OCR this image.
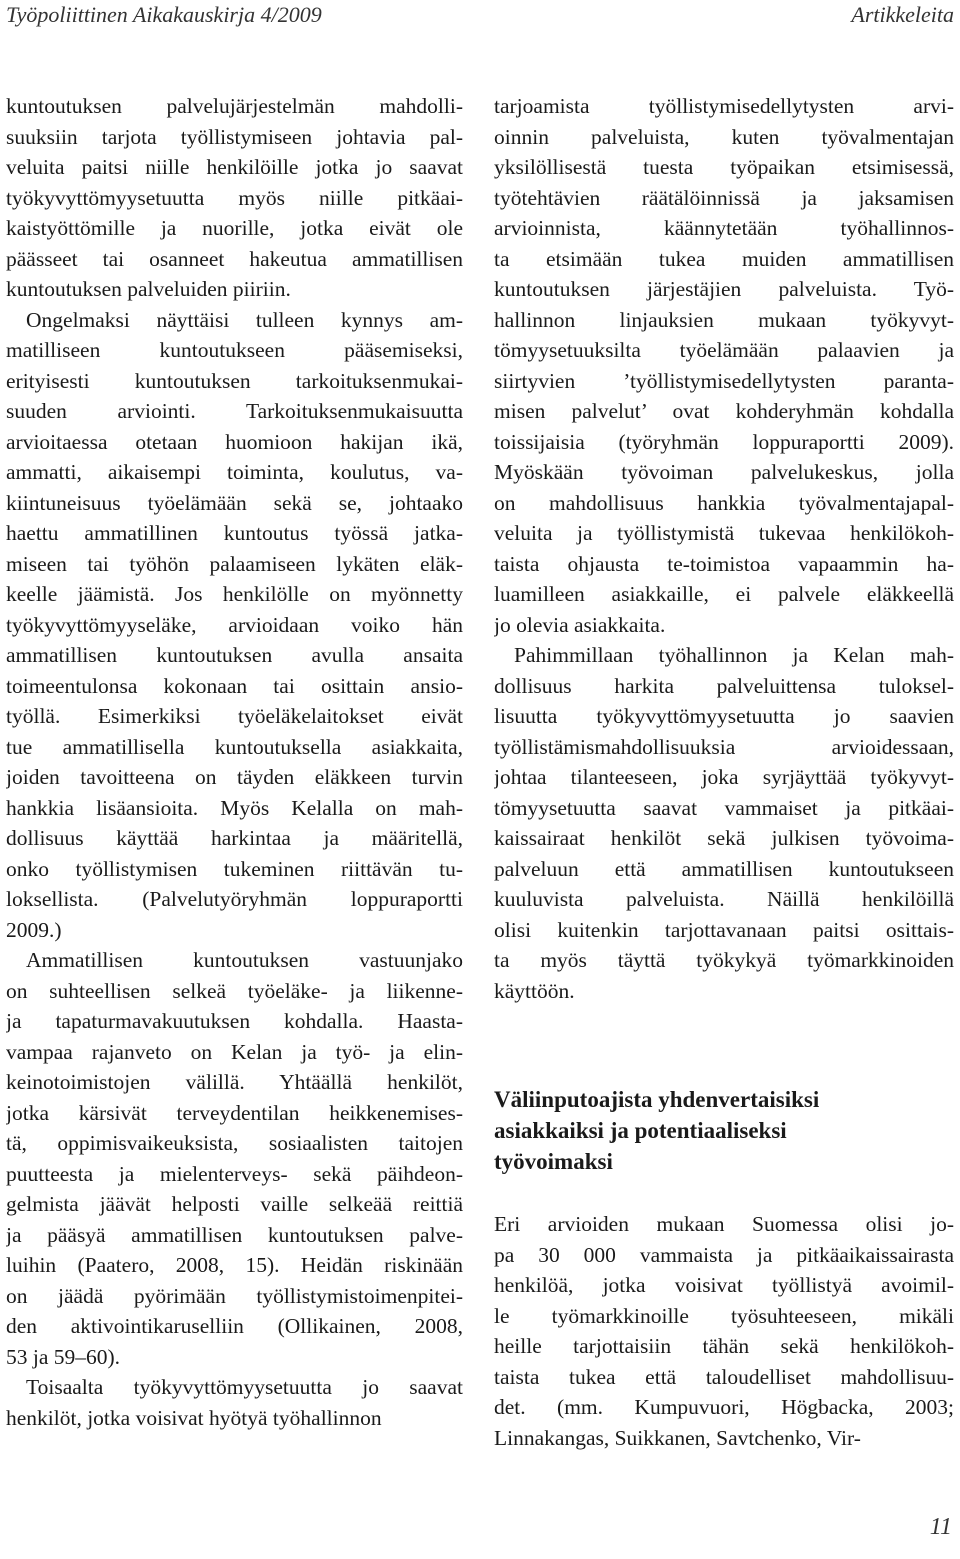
Työpoliittinen Aikakauskirja 4/2009	Artikkeleita
kuntoutuksen palvelujärjestelmän mahdolli-
suuksiin tarjota työllistymiseen johtavia pal-
veluita paitsi niille henkilöille jotka jo saavat
työkyvyttömyysetuutta myös niille pitkäai-
kaistyöttömille ja nuorille, jotka eivät ole
päässeet tai osanneet hakeutua ammatillisen
kuntoutuksen palveluiden piiriin.
Ongelmaksi näyttäisi tulleen kynnys am-
matilliseen kuntoutukseen pääsemiseksi,
erityisesti kuntoutuksen tarkoituksenmukai-
suuden arviointi. Tarkoituksenmukaisuutta
arvioitaessa otetaan huomioon hakijan ikä,
ammatti, aikaisempi toiminta, koulutus, va-
kiintuneisuus työelämään sekä se, johtaako
haettu ammatillinen kuntoutus työssä jatka-
miseen tai työhön palaamiseen lykäten eläk-
keelle jäämistä. Jos henkilölle on myönnetty
työkyvyttömyyseläke, arvioidaan voiko hän
ammatillisen kuntoutuksen avulla ansaita
toimeentulonsa kokonaan tai osittain ansio-
työllä. Esimerkiksi työeläkelaitokset eivät
tue ammatillisella kuntoutuksella asiakkaita,
joiden tavoitteena on täyden eläkkeen turvin
hankkia lisäansioita. Myös Kelalla on mah-
dollisuus käyttää harkintaa ja määritellä,
onko työllistymisen tukeminen riittävän tu-
loksellista. (Palvelutyöryhmän loppuraportti
2009.)
Ammatillisen kuntoutuksen vastuunjako
on suhteellisen selkeä työeläke- ja liikenne-
ja tapaturmavakuutuksen kohdalla. Haasta-
vampaa rajanveto on Kelan ja työ- ja elin-
keinotoimistojen välillä. Yhtäällä henkilöt,
jotka kärsivät terveydentilan heikkenemises-
tä, oppimisvaikeuksista, sosiaalisten taitojen
puutteesta ja mielenterveys- sekä päihdeon-
gelmista jäävät helposti vaille selkeää reittiä
ja pääsyä ammatillisen kuntoutuksen palve-
luihin (Paatero, 2008, 15). Heidän riskinään
on jäädä pyörimään työllistymistoimenpitei-
den aktivointikaruselliin (Ollikainen, 2008,
53 ja 59–60).
Toisaalta työkyvyttömyysetuutta jo saavat
henkilöt, jotka voisivat hyötyä työhallinnon
tarjoamista työllistymisedellytysten arvi-
oinnin palveluista, kuten työvalmentajan
yksilöllisestä tuesta työpaikan etsimisessä,
työtehtävien räätälöinnissä ja jaksamisen
arvioinnista, käännytetään työhallinnos-
ta etsimään tukea muiden ammatillisen
kuntoutuksen järjestäjien palveluista. Työ-
hallinnon linjauksien mukaan työkyvyt-
tömyysetuuksilta työelämään palaavien ja
siirtyvien ’työllistymisedellytysten paranta-
misen palvelut’ ovat kohderyhmän kohdalla
toissijaisia (työryhmän loppuraportti 2009).
Myöskään työvoiman palvelukeskus, jolla
on mahdollisuus hankkia työvalmentajapal-
veluita ja työllistymistä tukevaa henkilökoh-
taista ohjausta te-toimistoa vapaammin ha-
luamilleen asiakkaille, ei palvele eläkkeellä
jo olevia asiakkaita.
Pahimmillaan työhallinnon ja Kelan mah-
dollisuus harkita palveluittensa tuloksel-
lisuutta työkyvyttömyysetuutta jo saavien
työllistämismahdollisuuksia arvioidessaan,
johtaa tilanteeseen, joka syrjäyttää työkyvyt-
tömyysetuutta saavat vammaiset ja pitkäai-
kaissairaat henkilöt sekä julkisen työvoima-
palveluun että ammatillisen kuntoutukseen
kuuluvista palveluista. Näillä henkilöillä
olisi kuitenkin tarjottavanaan paitsi osittais-
ta myös täyttä työkykyä työmarkkinoiden
käyttöön.
Väliinputoajista yhdenvertaisiksi
asiakkaiksi ja potentiaaliseksi
työvoimaksi
Eri arvioiden mukaan Suomessa olisi jo-
pa 30 000 vammaista ja pitkäaikaissairasta
henkilöä, jotka voisivat työllistyä avoimil-
le työmarkkinoille työsuhteeseen, mikäli
heille tarjottaisiin tähän sekä henkilökoh-
taista tukea että taloudelliset mahdollisuu-
det. (mm. Kumpuvuori, Högbacka, 2003;
Linnakangas, Suikkanen, Savtchenko, Vir-
11
